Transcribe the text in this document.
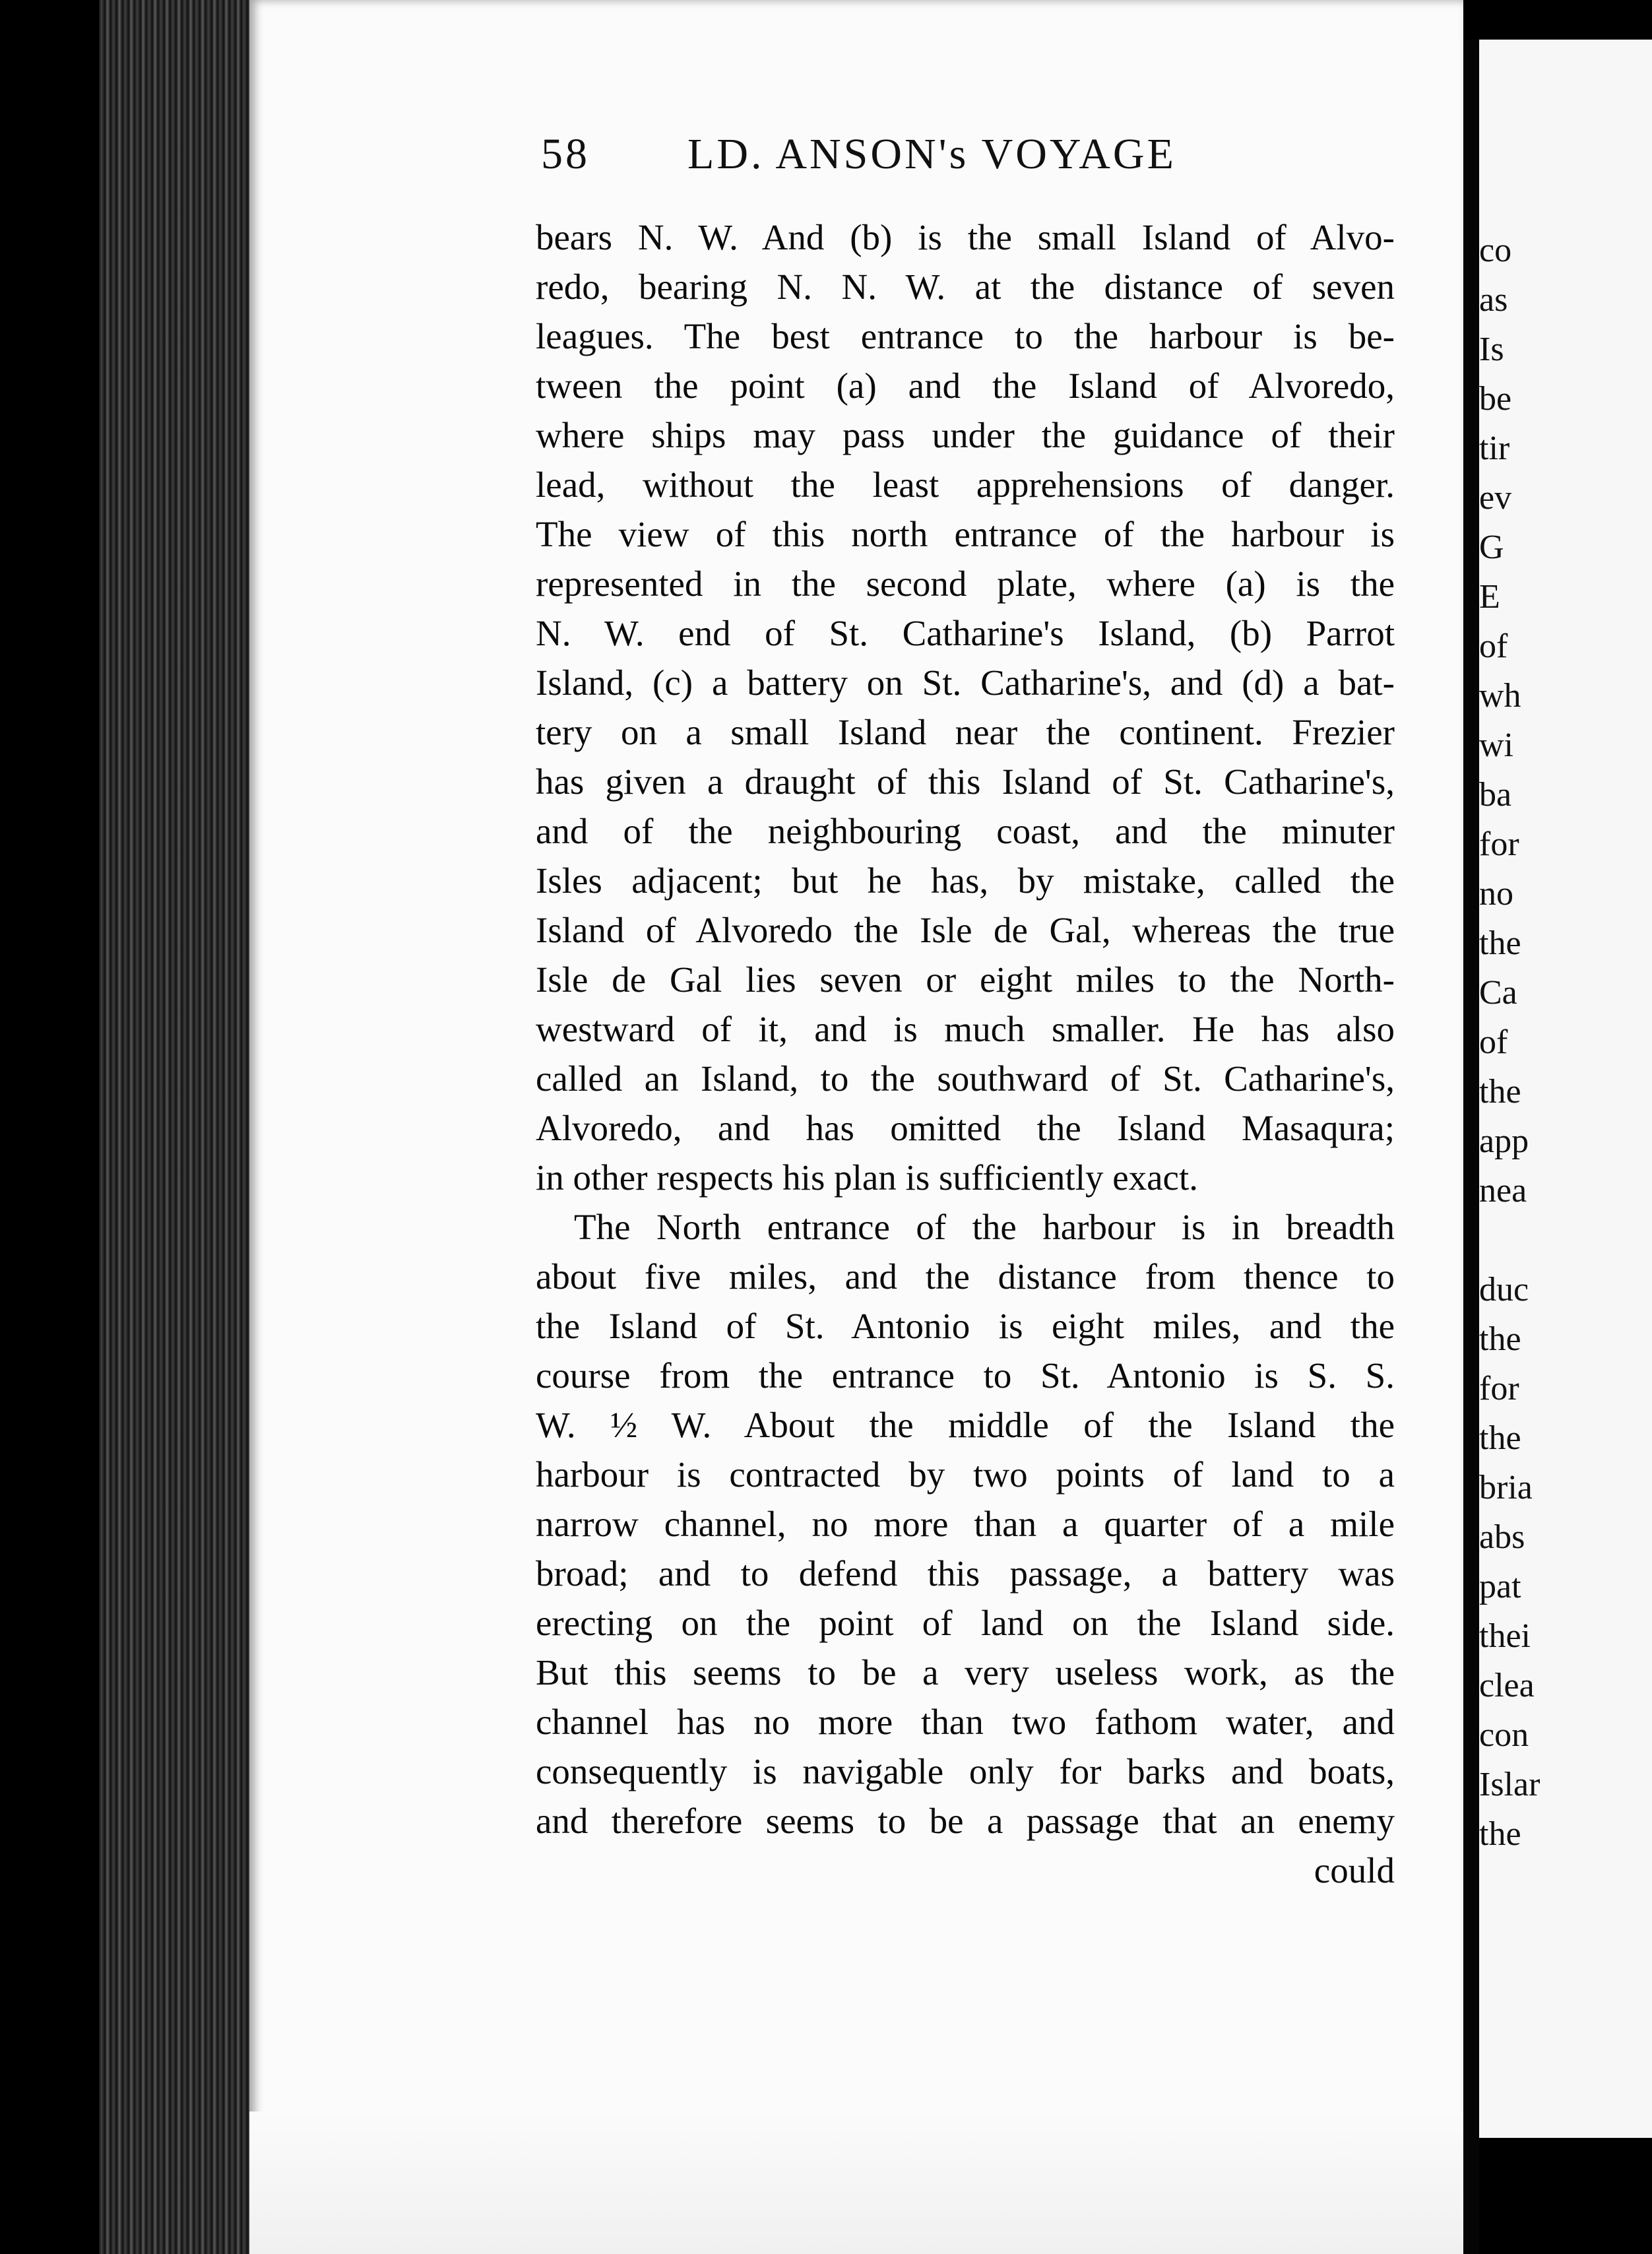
co
as
Is
be
tir
ev
G
E
of
wh
wi
ba
for
no
the
Ca
of
the
app
nea
duc
the
for
the
bria
abs
pat
thei
clea
con
Islar
the
58 LD. ANSON's VOYAGE
bears N. W. And (b) is the small Island of Alvo-
redo, bearing N. N. W. at the distance of seven
leagues. The best entrance to the harbour is be-
tween the point (a) and the Island of Alvoredo,
where ships may pass under the guidance of their
lead, without the least apprehensions of danger.
The view of this north entrance of the harbour is
represented in the second plate, where (a) is the
N. W. end of St. Catharine's Island, (b) Parrot
Island, (c) a battery on St. Catharine's, and (d) a bat-
tery on a small Island near the continent. Frezier
has given a draught of this Island of St. Catharine's,
and of the neighbouring coast, and the minuter
Isles adjacent; but he has, by mistake, called the
Island of Alvoredo the Isle de Gal, whereas the true
Isle de Gal lies seven or eight miles to the North-
westward of it, and is much smaller. He has also
called an Island, to the southward of St. Catharine's,
Alvoredo, and has omitted the Island Masaqura;
in other respects his plan is sufficiently exact.
The North entrance of the harbour is in breadth
about five miles, and the distance from thence to
the Island of St. Antonio is eight miles, and the
course from the entrance to St. Antonio is S. S.
W. ½ W. About the middle of the Island the
harbour is contracted by two points of land to a
narrow channel, no more than a quarter of a mile
broad; and to defend this passage, a battery was
erecting on the point of land on the Island side.
But this seems to be a very useless work, as the
channel has no more than two fathom water, and
consequently is navigable only for barks and boats,
and therefore seems to be a passage that an enemy
could
